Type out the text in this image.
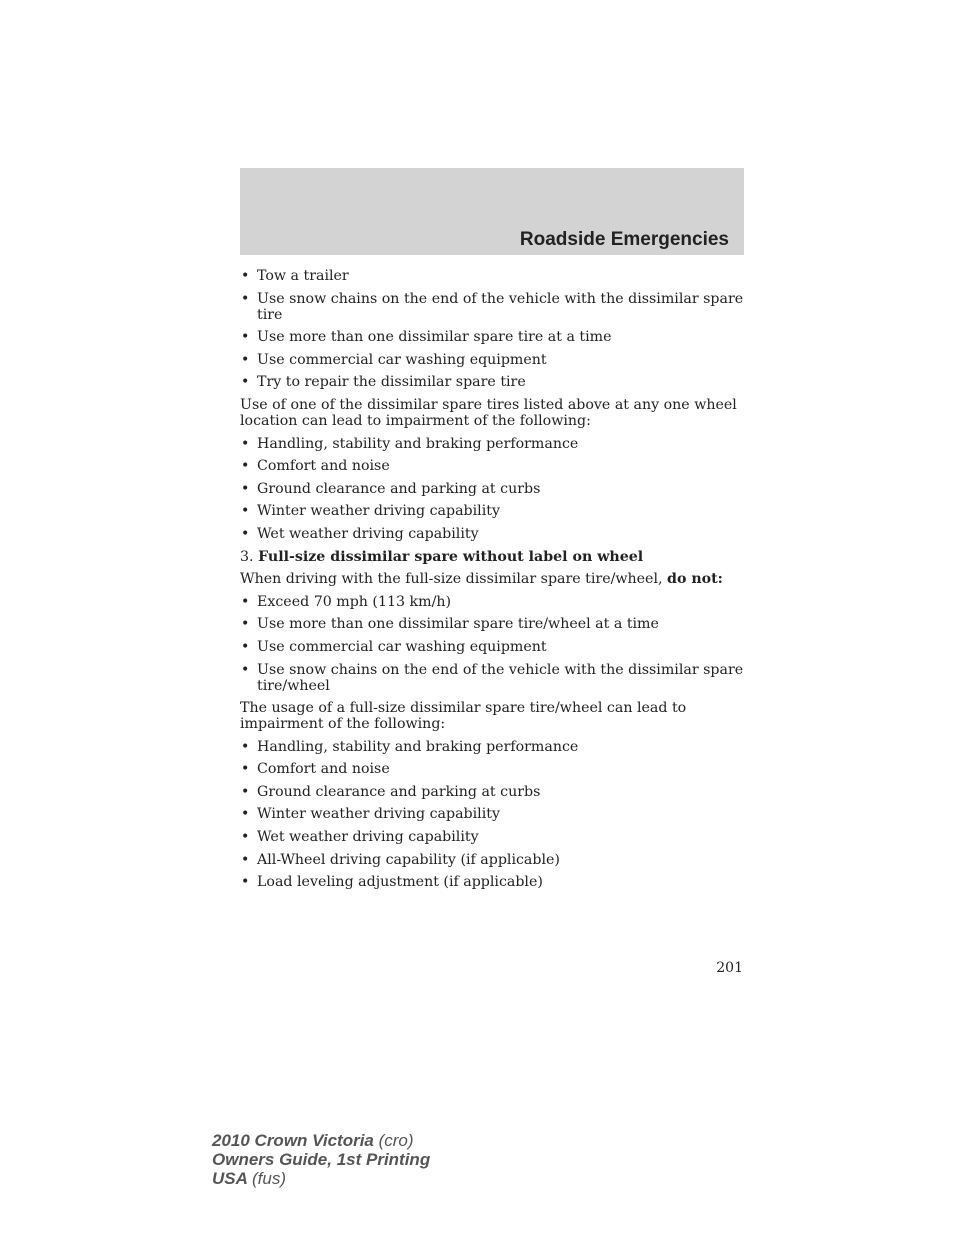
Roadside Emergencies
• Tow a trailer
• Use snow chains on the end of the vehicle with the dissimilar spare tire
• Use more than one dissimilar spare tire at a time
• Use commercial car washing equipment
• Try to repair the dissimilar spare tire

Use of one of the dissimilar spare tires listed above at any one wheel location can lead to impairment of the following:

• Handling, stability and braking performance
• Comfort and noise
• Ground clearance and parking at curbs
• Winter weather driving capability
• Wet weather driving capability

3. Full-size dissimilar spare without label on wheel

When driving with the full-size dissimilar spare tire/wheel, do not:

• Exceed 70 mph (113 km/h)
• Use more than one dissimilar spare tire/wheel at a time
• Use commercial car washing equipment
• Use snow chains on the end of the vehicle with the dissimilar spare tire/wheel

The usage of a full-size dissimilar spare tire/wheel can lead to impairment of the following:

• Handling, stability and braking performance
• Comfort and noise
• Ground clearance and parking at curbs
• Winter weather driving capability
• Wet weather driving capability
• All-Wheel driving capability (if applicable)
• Load leveling adjustment (if applicable)
201
2010 Crown Victoria (cro)
Owners Guide, 1st Printing
USA (fus)
